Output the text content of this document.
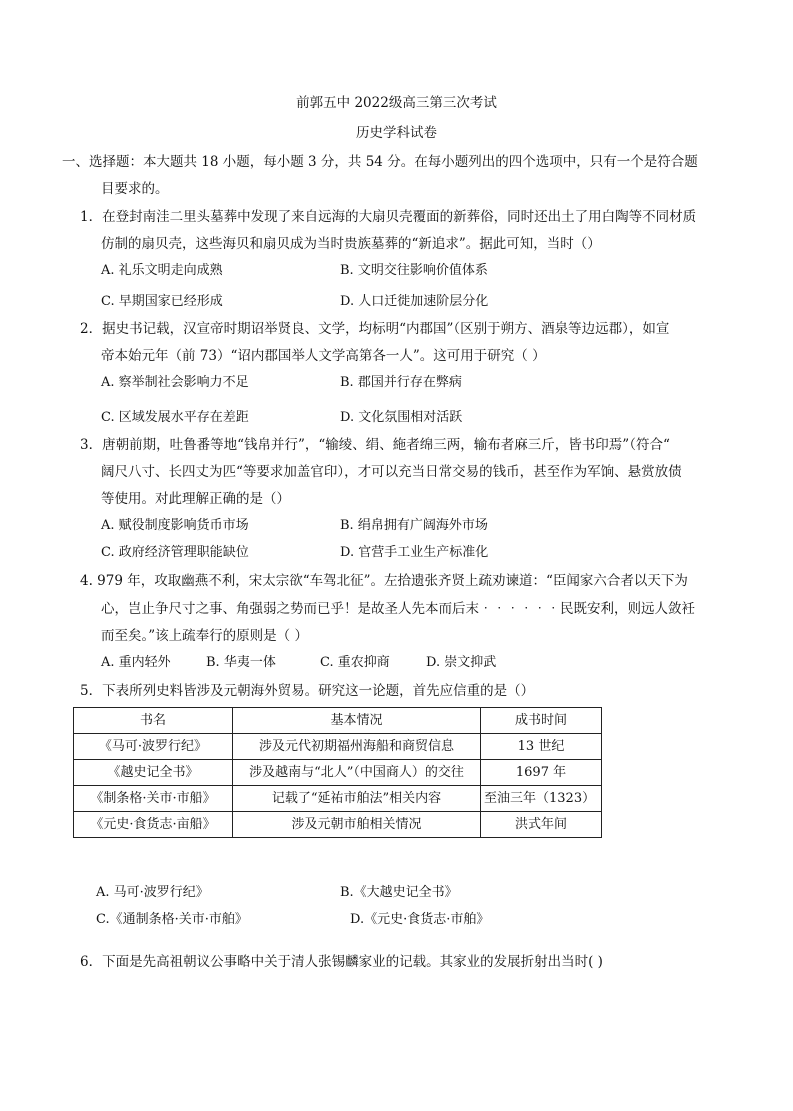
前郭五中 2022级高三第三次考试
历史学科试卷
一、选择题：本大题共 18 小题，每小题 3 分，共 54 分。在每小题列出的四个选项中，只有一个是符合题
目要求的。
1．在登封南洼二里头墓葬中发现了来自远海的大扇贝壳覆面的新葬俗，同时还出土了用白陶等不同材质
仿制的扇贝壳，这些海贝和扇贝成为当时贵族墓葬的“新追求”。据此可知，当时（）
A. 礼乐文明走向成熟	B. 文明交往影响价值体系
C. 早期国家已经形成	D. 人口迁徙加速阶层分化
2．据史书记载，汉宣帝时期诏举贤良、文学，均标明“内郡国”（区别于朔方、酒泉等边远郡），如宣
帝本始元年（前 73）“诏内郡国举人文学高第各一人”。这可用于研究（ ）
A. 察举制社会影响力不足	B. 郡国并行存在弊病
C. 区域发展水平存在差距	D. 文化氛围相对活跃
3．唐朝前期，吐鲁番等地“钱帛并行”，“输绫、绢、絁者绵三两，输布者麻三斤，皆书印焉”（符合“
阔尺八寸、长四丈为匹“等要求加盖官印），才可以充当日常交易的钱币，甚至作为军饷、悬赏放债
等使用。对此理解正确的是（）
A. 赋役制度影响货币市场	B. 绢帛拥有广阔海外市场
C. 政府经济管理职能缺位	D. 官营手工业生产标准化
4. 979 年，攻取幽燕不利，宋太宗欲“车驾北征”。左拾遗张齐贤上疏劝谏道：“臣闻家六合者以天下为
心，岂止争尺寸之事、角强弱之势而已乎！是故圣人先本而后末‧‧‧‧‧‧民既安利，则远人敛衽
而至矣。”该上疏奉行的原则是（ ）
A. 重内轻外	B. 华夷一体	C. 重农抑商	D. 崇文抑武
5．下表所列史料皆涉及元朝海外贸易。研究这一论题，首先应信重的是（）
书名	基本情况	成书时间
《马可·波罗行纪》	涉及元代初期福州海船和商贸信息	13 世纪
《越史记全书》	涉及越南与“北人”（中国商人）的交往	1697 年
《制条格·关市·市船》	记载了“延祐市舶法”相关内容	至油三年（1323）
《元史·食货志·亩船》	涉及元朝市舶相关情况	洪式年间
A. 马可·波罗行纪》	B.《大越史记全书》
C.《通制条格·关市·市舶》	D.《元史·食货志·市舶》
6．下面是先高祖朝议公事略中关于清人张锡麟家业的记载。其家业的发展折射出当时( )
